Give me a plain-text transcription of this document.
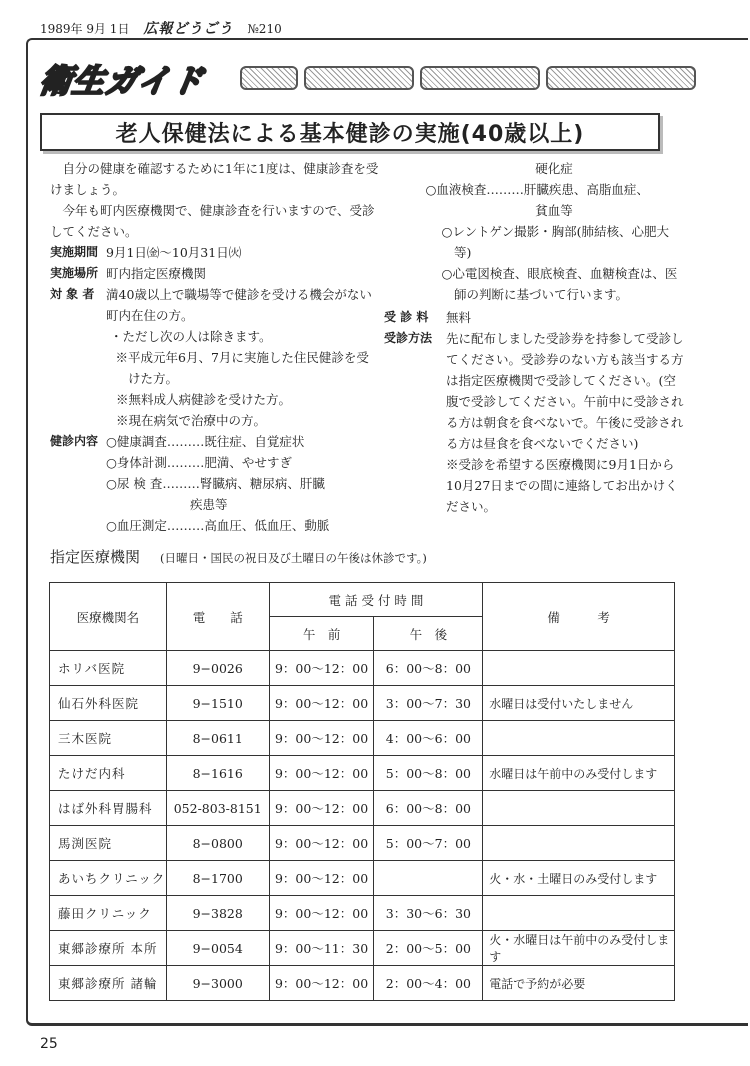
1989年 9月 1日 広報どうごう №210
衛生ガイド
老人保健法による基本健診の実施(40歳以上)
自分の健康を確認するために1年に1度は、健康診査を受けましょう。
今年も町内医療機関で、健康診査を行いますので、受診してください。
実施期間 9月1日㈮〜10月31日㈫
実施場所 町内指定医療機関
対 象 者 満40歳以上で職場等で健診を受ける機会がない町内在住の方。
・ただし次の人は除きます。
※平成元年6月、7月に実施した住民健診を受けた方。
※無料成人病健診を受けた方。
※現在病気で治療中の方。
健診内容 ○健康調査………既往症、自覚症状
○身体計測………肥満、やせすぎ
○尿 検 査………腎臓病、糖尿病、肝臓
疾患等
○血圧測定………高血圧、低血圧、動脈
硬化症
○血液検査………肝臓疾患、高脂血症、
貧血等
○レントゲン撮影・胸部(肺結核、心肥大等)
○心電図検査、眼底検査、血糖検査は、医師の判断に基づいて行います。
受 診 料	無料
受診方法	先に配布しました受診券を持参して受診してください。受診券のない方も該当する方は指定医療機関で受診してください。(空腹で受診してください。午前中に受診される方は朝食を食べないで。午後に受診される方は昼食を食べないでください)
※受診を希望する医療機関に9月1日から10月27日までの間に連絡してお出かけください。
指定医療機関 (日曜日・国民の祝日及び土曜日の午後は休診です。)
医療機関名	電　　話	電 話 受 付 時 間		備　　　考
		午　前	午　後	
ホリバ医院	9−0026	9：00〜12：00	6：00〜8：00	
仙石外科医院	9−1510	9：00〜12：00	3：00〜7：30	水曜日は受付いたしません
三木医院	8−0611	9：00〜12：00	4：00〜6：00	
たけだ内科	8−1616	9：00〜12：00	5：00〜8：00	水曜日は午前中のみ受付します
はば外科胃腸科	052-803-8151	9：00〜12：00	6：00〜8：00	
馬渕医院	8−0800	9：00〜12：00	5：00〜7：00	
あいちクリニック	8−1700	9：00〜12：00		火・水・土曜日のみ受付します
藤田クリニック	9−3828	9：00〜12：00	3：30〜6：30	
東郷診療所 本所	9−0054	9：00〜11：30	2：00〜5：00	火・水曜日は午前中のみ受付します
東郷診療所 諸輪	9−3000	9：00〜12：00	2：00〜4：00	電話で予約が必要
25
